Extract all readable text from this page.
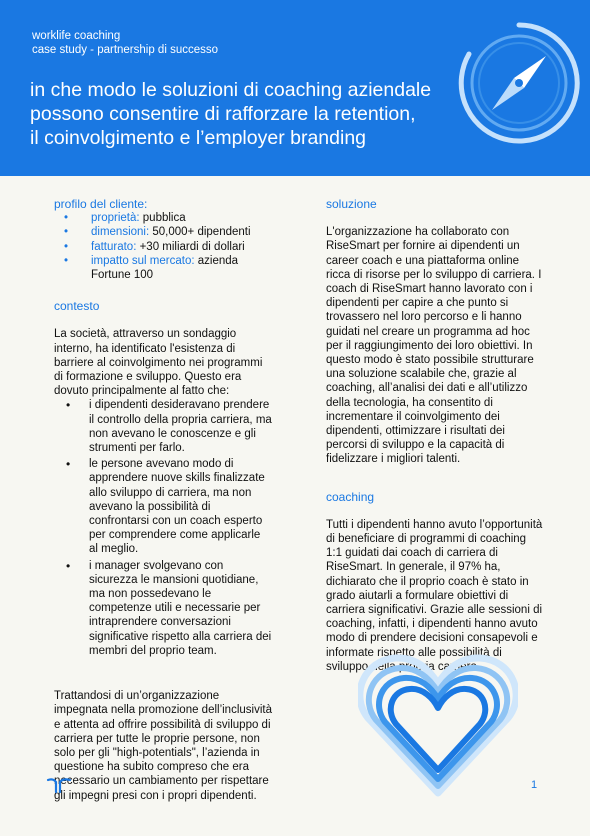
worklife coaching
case study - partnership di successo
in che modo le soluzioni di coaching aziendale
possono consentire di rafforzare la retention,
il coinvolgimento e l’employer branding
profilo del cliente:
• proprietà: pubblica
• dimensioni: 50,000+ dipendenti
• fatturato: +30 miliardi di dollari
• impatto sul mercato: azienda
Fortune 100
contesto

La società, attraverso un sondaggio interno, ha identificato l'esistenza di barriere al coinvolgimento nei programmi di formazione e sviluppo. Questo era dovuto principalmente al fatto che:

• i dipendenti desideravano prendere il controllo della propria carriera, ma non avevano le conoscenze e gli strumenti per farlo.
• le persone avevano modo di apprendere nuove skills finalizzate allo sviluppo di carriera, ma non avevano la possibilità di confrontarsi con un coach esperto per comprendere come applicarle al meglio.
• i manager svolgevano con sicurezza le mansioni quotidiane, ma non possedevano le competenze utili e necessarie per intraprendere conversazioni significative rispetto alla carriera dei membri del proprio team.

Trattandosi di un’organizzazione impegnata nella promozione dell’inclusività e attenta ad offrire possibilità di sviluppo di carriera per tutte le proprie persone, non solo per gli "high-potentials", l’azienda in questione ha subito compreso che era necessario un cambiamento per rispettare gli impegni presi con i propri dipendenti.

soluzione

L'organizzazione ha collaborato con RiseSmart per fornire ai dipendenti un career coach e una piattaforma online ricca di risorse per lo sviluppo di carriera. I coach di RiseSmart hanno lavorato con i dipendenti per capire a che punto si trovassero nel loro percorso e li hanno guidati nel creare un programma ad hoc per il raggiungimento dei loro obiettivi. In questo modo è stato possibile strutturare una soluzione scalabile che, grazie al coaching, all’analisi dei dati e all’utilizzo della tecnologia, ha consentito di incrementare il coinvolgimento dei dipendenti, ottimizzare i risultati dei percorsi di sviluppo e la capacità di fidelizzare i migliori talenti.

coaching

Tutti i dipendenti hanno avuto l’opportunità di beneficiare di programmi di coaching 1:1 guidati dai coach di carriera di RiseSmart. In generale, il 97% ha, dichiarato che il proprio coach è stato in grado aiutarli a formulare obiettivi di carriera significativi. Grazie alle sessioni di coaching, infatti, i dipendenti hanno avuto modo di prendere decisioni consapevoli e informate rispetto alle possibilità di sviluppo della propria carriera.

1
